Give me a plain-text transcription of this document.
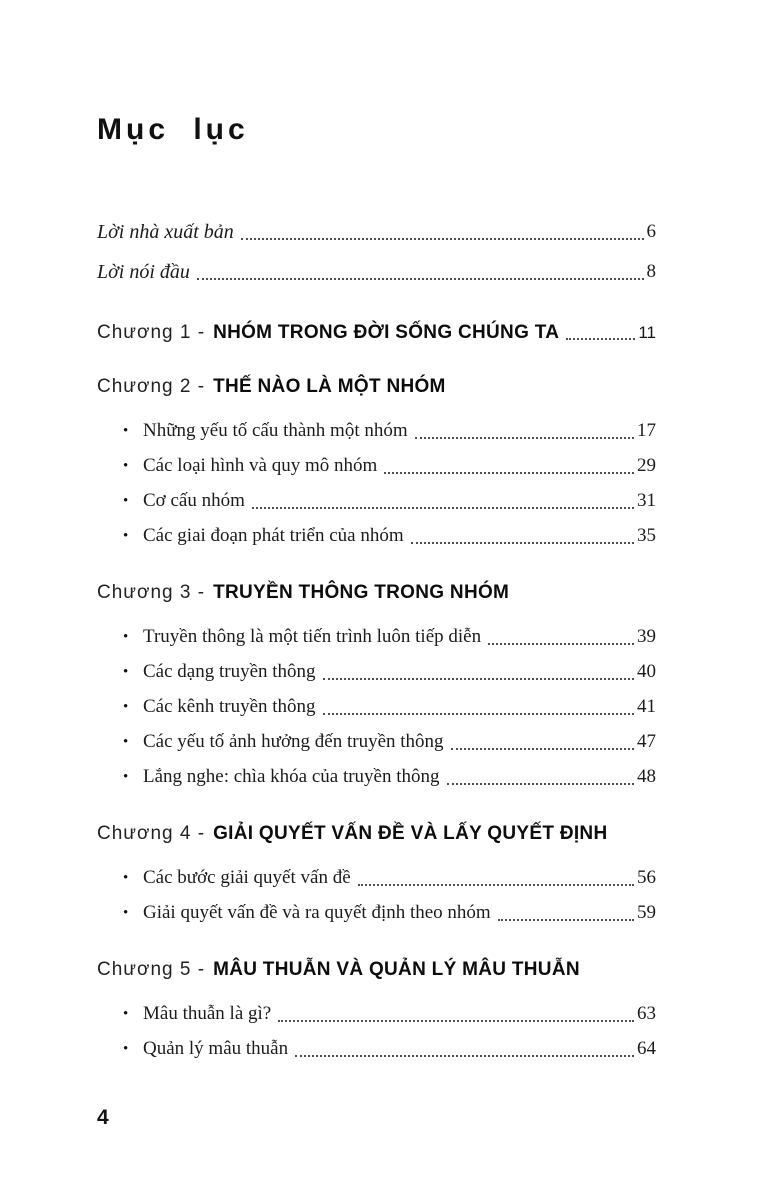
Mục lục
Lời nhà xuất bản	6
Lời nói đầu	8
Chương 1 - NHÓM TRONG ĐỜI SỐNG CHÚNG TA	11
Chương 2 - THẾ NÀO LÀ MỘT NHÓM
• Những yếu tố cấu thành một nhóm	17
• Các loại hình và quy mô nhóm	29
• Cơ cấu nhóm	31
• Các giai đoạn phát triển của nhóm	35
Chương 3 - TRUYỀN THÔNG TRONG NHÓM
• Truyền thông là một tiến trình luôn tiếp diễn	39
• Các dạng truyền thông	40
• Các kênh truyền thông	41
• Các yếu tố ảnh hưởng đến truyền thông	47
• Lắng nghe: chìa khóa của truyền thông	48
Chương 4 - GIẢI QUYẾT VẤN ĐỀ VÀ LẤY QUYẾT ĐỊNH
• Các bước giải quyết vấn đề	56
• Giải quyết vấn đề và ra quyết định theo nhóm	59
Chương 5 - MÂU THUẪN VÀ QUẢN LÝ MÂU THUẪN
• Mâu thuẫn là gì?	63
• Quản lý mâu thuẫn	64
4
